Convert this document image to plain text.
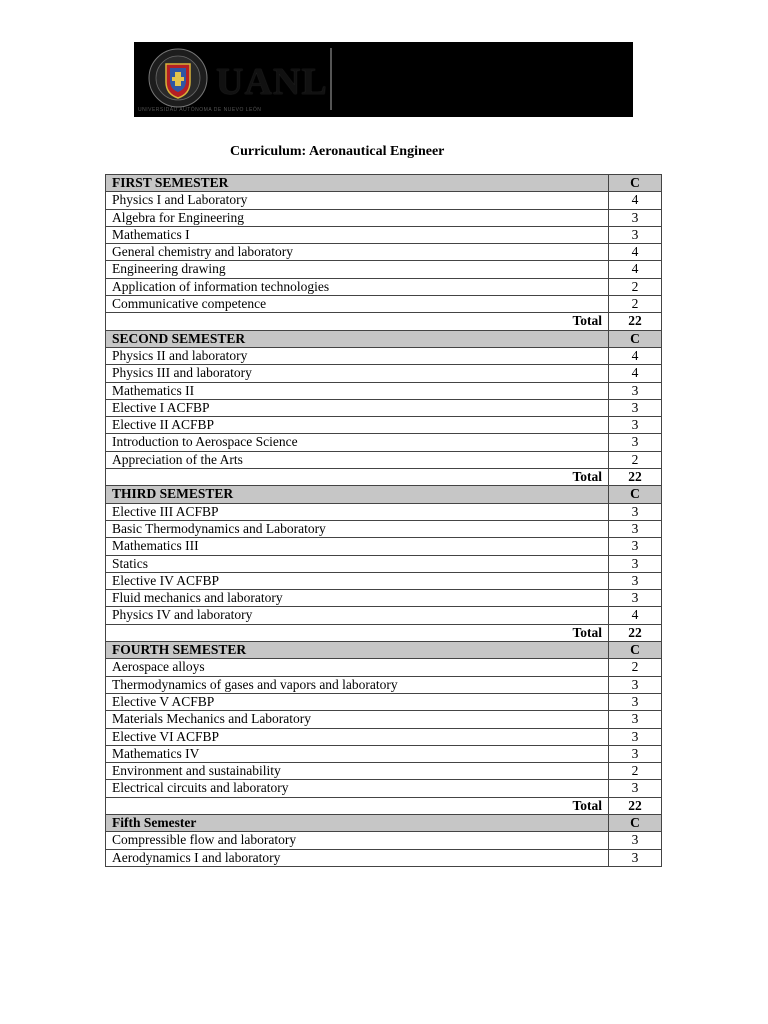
UANL
UNIVERSIDAD AUTÓNOMA DE NUEVO LEÓN
Curriculum: Aeronautical Engineer
FIRST SEMESTER	C
Physics I and Laboratory	4
Algebra for Engineering	3
Mathematics I	3
General chemistry and laboratory	4
Engineering drawing	4
Application of information technologies	2
Communicative competence	2
Total	22
SECOND SEMESTER	C
Physics II and laboratory	4
Physics III and laboratory	4
Mathematics II	3
Elective I ACFBP	3
Elective II ACFBP	3
Introduction to Aerospace Science	3
Appreciation of the Arts	2
Total	22
THIRD SEMESTER	C
Elective III ACFBP	3
Basic Thermodynamics and Laboratory	3
Mathematics III	3
Statics	3
Elective IV ACFBP	3
Fluid mechanics and laboratory	3
Physics IV and laboratory	4
Total	22
FOURTH SEMESTER	C
Aerospace alloys	2
Thermodynamics of gases and vapors and laboratory	3
Elective V ACFBP	3
Materials Mechanics and Laboratory	3
Elective VI ACFBP	3
Mathematics IV	3
Environment and sustainability	2
Electrical circuits and laboratory	3
Total	22
Fifth Semester	C
Compressible flow and laboratory	3
Aerodynamics I and laboratory	3
